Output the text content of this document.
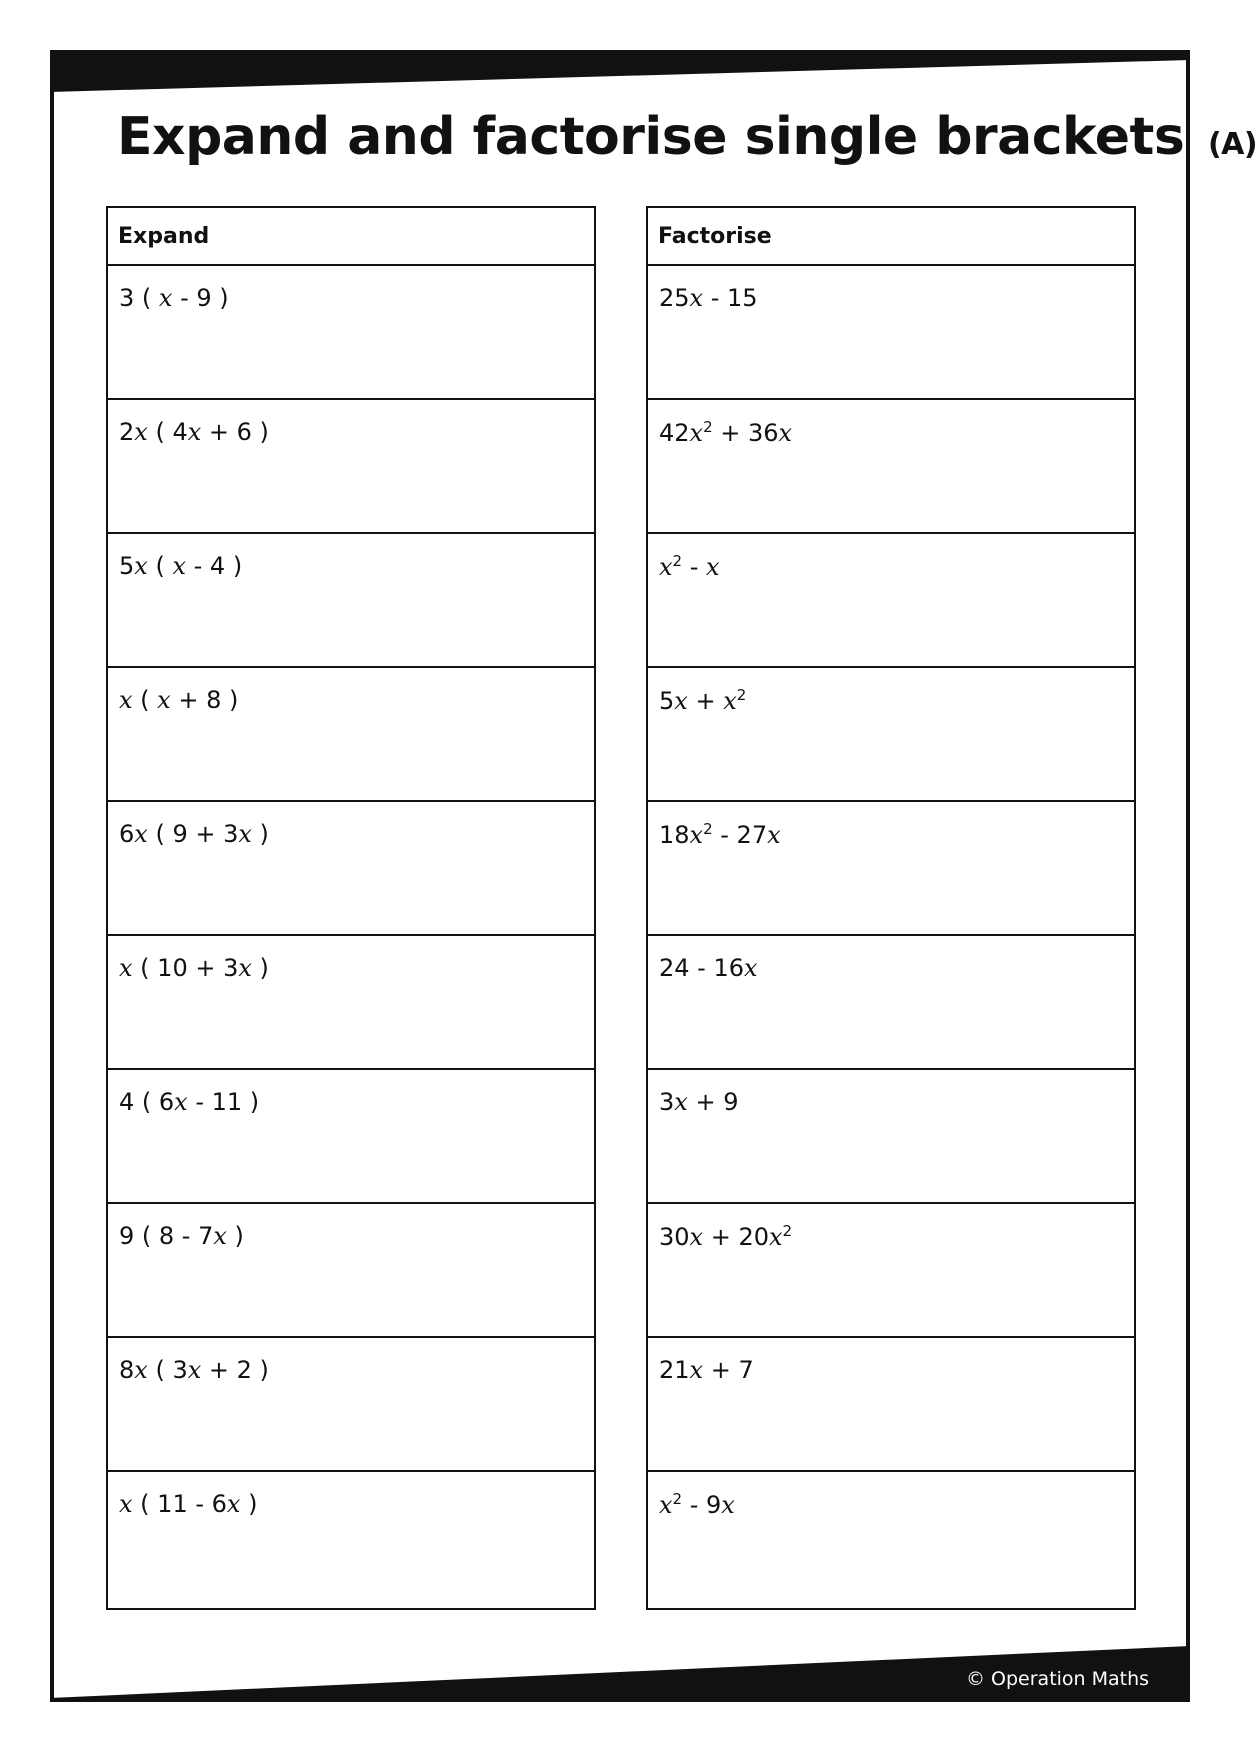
Expand and factorise single brackets (A)
Expand
3 ( x - 9 )
2x ( 4x + 6 )
5x ( x - 4 )
x ( x + 8 )
6x ( 9 + 3x )
x ( 10 + 3x )
4 ( 6x - 11 )
9 ( 8 - 7x )
8x ( 3x + 2 )
x ( 11 - 6x )
Factorise
25x - 15
$42x^2 + 36x$
$x^2$ - x
$5x + x^2$
$18x^2 - 27x$
24 - 16x
3x + 9
$30x + 20x^2$
21x + 7
$x^2 - 9x$
© Operation Maths
